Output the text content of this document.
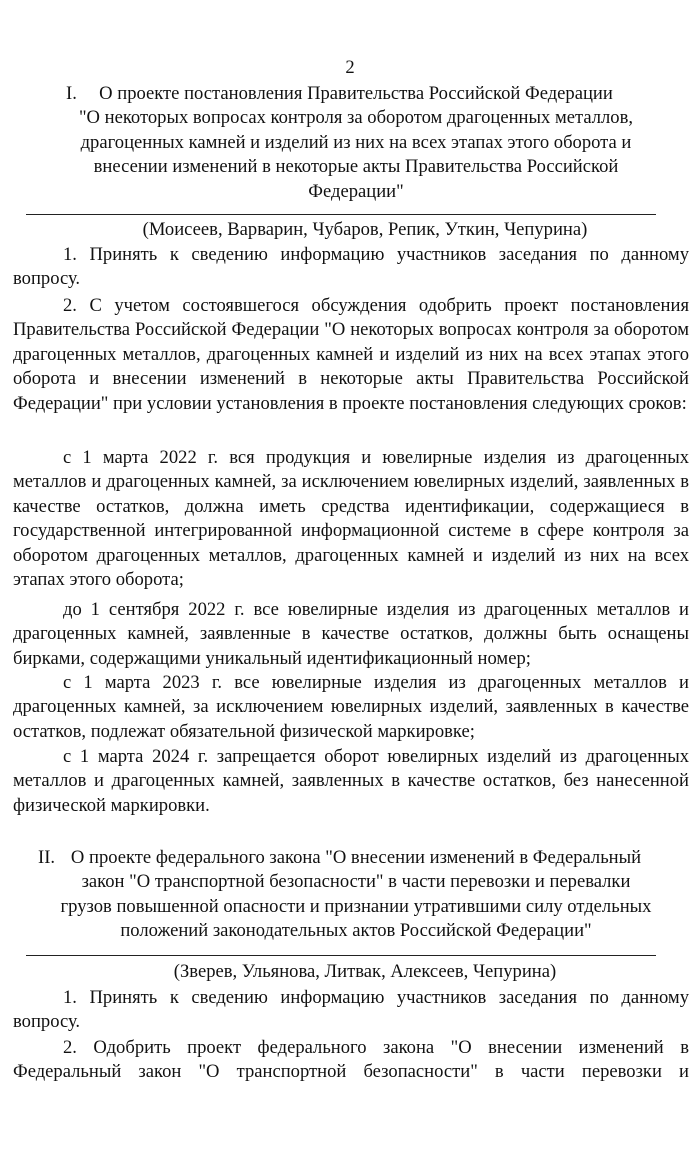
2
I.	О проекте постановления Правительства Российской Федерации
"О некоторых вопросах контроля за оборотом драгоценных металлов,
драгоценных камней и изделий из них на всех этапах этого оборота и
внесении изменений в некоторые акты Правительства Российской
Федерации"
(Моисеев, Варварин, Чубаров, Репик, Уткин, Чепурина)
1. Принять к сведению информацию участников заседания по данному вопросу.
2. С учетом состоявшегося обсуждения одобрить проект постановления Правительства Российской Федерации "О некоторых вопросах контроля за оборотом драгоценных металлов, драгоценных камней и изделий из них на всех этапах этого оборота и внесении изменений в некоторые акты Правительства Российской Федерации" при условии установления в проекте постановления следующих сроков:
с 1 марта 2022 г. вся продукция и ювелирные изделия из драгоценных металлов и драгоценных камней, за исключением ювелирных изделий, заявленных в качестве остатков, должна иметь средства идентификации, содержащиеся в государственной интегрированной информационной системе в сфере контроля за оборотом драгоценных металлов, драгоценных камней и изделий из них на всех этапах этого оборота;
до 1 сентября 2022 г. все ювелирные изделия из драгоценных металлов и драгоценных камней, заявленные в качестве остатков, должны быть оснащены бирками, содержащими уникальный идентификационный номер;
с 1 марта 2023 г. все ювелирные изделия из драгоценных металлов и драгоценных камней, за исключением ювелирных изделий, заявленных в качестве остатков, подлежат обязательной физической маркировке;
с 1 марта 2024 г. запрещается оборот ювелирных изделий из драгоценных металлов и драгоценных камней, заявленных в качестве остатков, без нанесенной физической маркировки.
II. О проекте федерального закона "О внесении изменений в Федеральный
закон "О транспортной безопасности" в части перевозки и перевалки
грузов повышенной опасности и признании утратившими силу отдельных
положений законодательных актов Российской Федерации"
(Зверев, Ульянова, Литвак, Алексеев, Чепурина)
1. Принять к сведению информацию участников заседания по данному вопросу.
2. Одобрить проект федерального закона "О внесении изменений в Федеральный закон "О транспортной безопасности" в части перевозки и
